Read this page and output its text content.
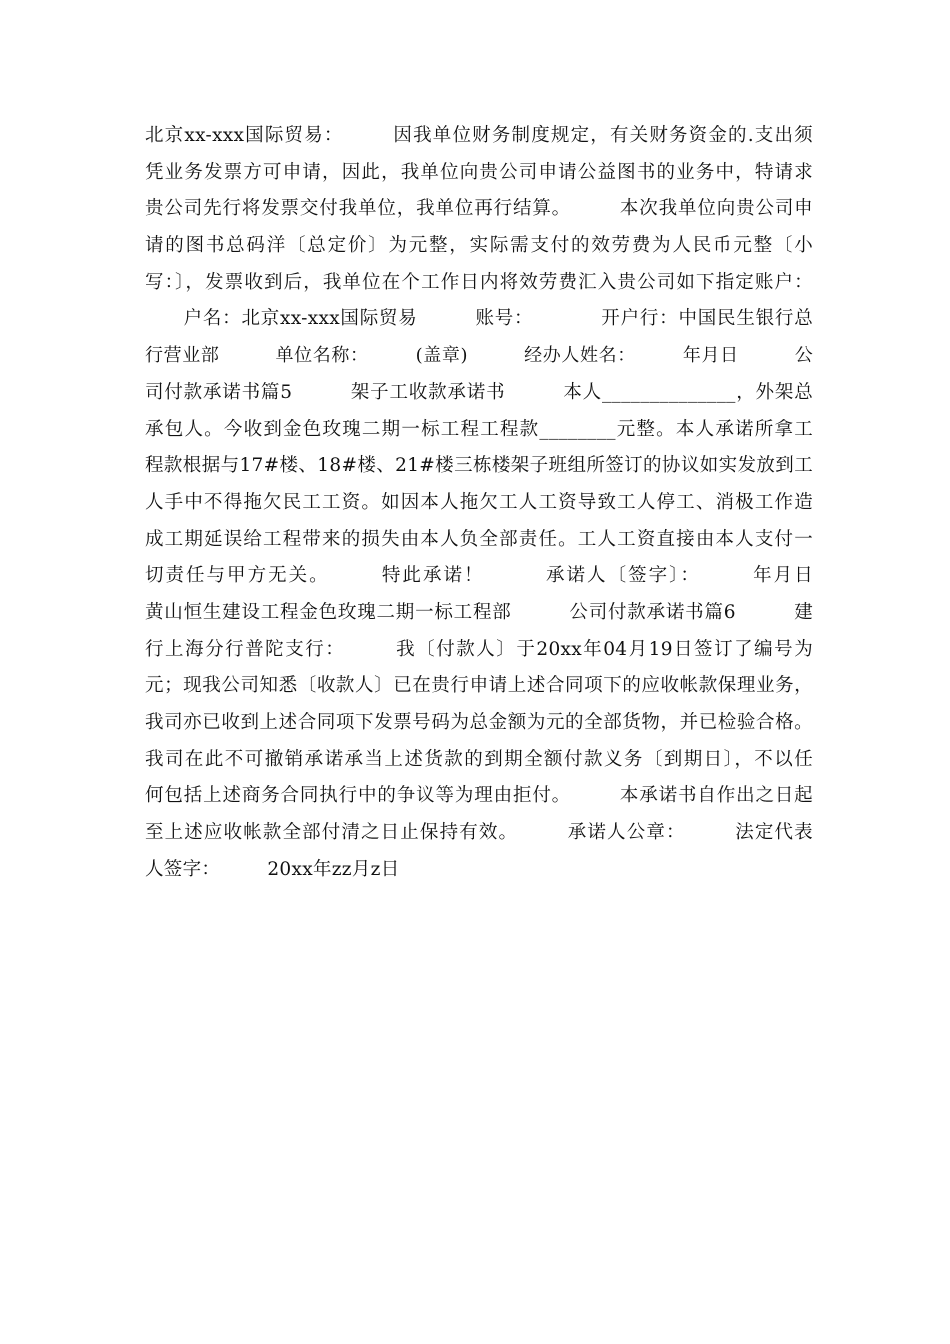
北京xx-xxx国际贸易：　　　因我单位财务制度规定，有关财务资金的.支出须
凭业务发票方可申请，因此，我单位向贵公司申请公益图书的业务中，特请求
贵公司先行将发票交付我单位，我单位再行结算。　　　本次我单位向贵公司申
请的图书总码洋〔总定价〕为元整，实际需支付的效劳费为人民币元整〔小
写：〕，发票收到后，我单位在个工作日内将效劳费汇入贵公司如下指定账户：
　　户名：北京xx-xxx国际贸易　　　账号：　　　　开户行：中国民生银行总
行营业部　　　单位名称：　　　(盖章)　　　经办人姓名：　　　年月日　　　公
司付款承诺书篇5　　　架子工收款承诺书　　　本人______________，外架总
承包人。今收到金色玫瑰二期一标工程工程款________元整。本人承诺所拿工
程款根据与17#楼、18#楼、21#楼三栋楼架子班组所签订的协议如实发放到工
人手中不得拖欠民工工资。如因本人拖欠工人工资导致工人停工、消极工作造
成工期延误给工程带来的损失由本人负全部责任。工人工资直接由本人支付一
切责任与甲方无关。　　　特此承诺！　　　承诺人〔签字〕：　　　年月日
黄山恒生建设工程金色玫瑰二期一标工程部　　　公司付款承诺书篇6　　　建
行上海分行普陀支行：　　　我〔付款人〕于20xx年04月19日签订了编号为
元；现我公司知悉〔收款人〕已在贵行申请上述合同项下的应收帐款保理业务，
我司亦已收到上述合同项下发票号码为总金额为元的全部货物，并已检验合格。
我司在此不可撤销承诺承当上述货款的到期全额付款义务〔到期日〕，不以任
何包括上述商务合同执行中的争议等为理由拒付。　　　本承诺书自作出之日起
至上述应收帐款全部付清之日止保持有效。　　　承诺人公章：　　　法定代表
人签字：　　　20xx年zz月z日
